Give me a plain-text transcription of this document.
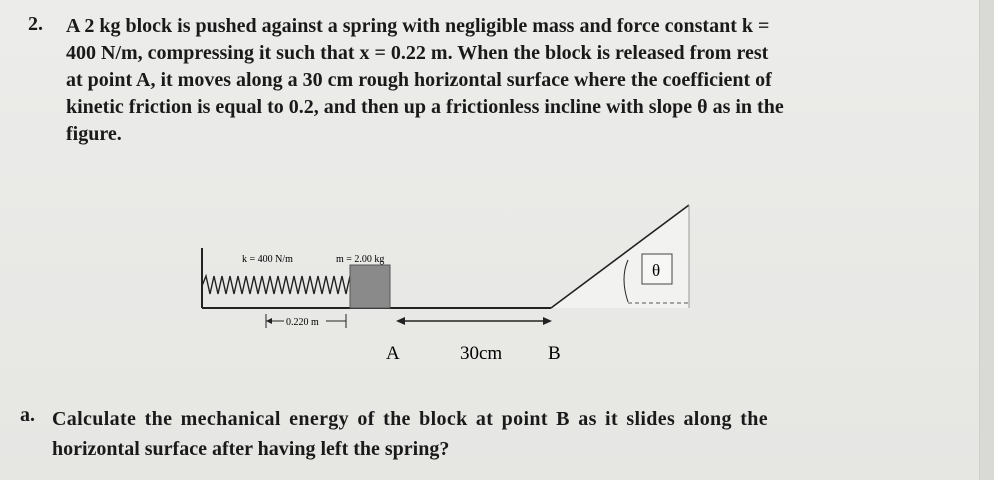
2. A 2 kg block is pushed against a spring with negligible mass and force constant k =
400 N/m, compressing it such that x = 0.22 m. When the block is released from rest
at point A, it moves along a 30 cm rough horizontal surface where the coefficient of
kinetic friction is equal to 0.2, and then up a frictionless incline with slope θ as in the
figure.
k = 400 N/m	m = 2.00 kg
0.220 m
A	30cm B
θ
a. Calculate the mechanical energy of the block at point B as it slides along the
horizontal surface after having left the spring?
